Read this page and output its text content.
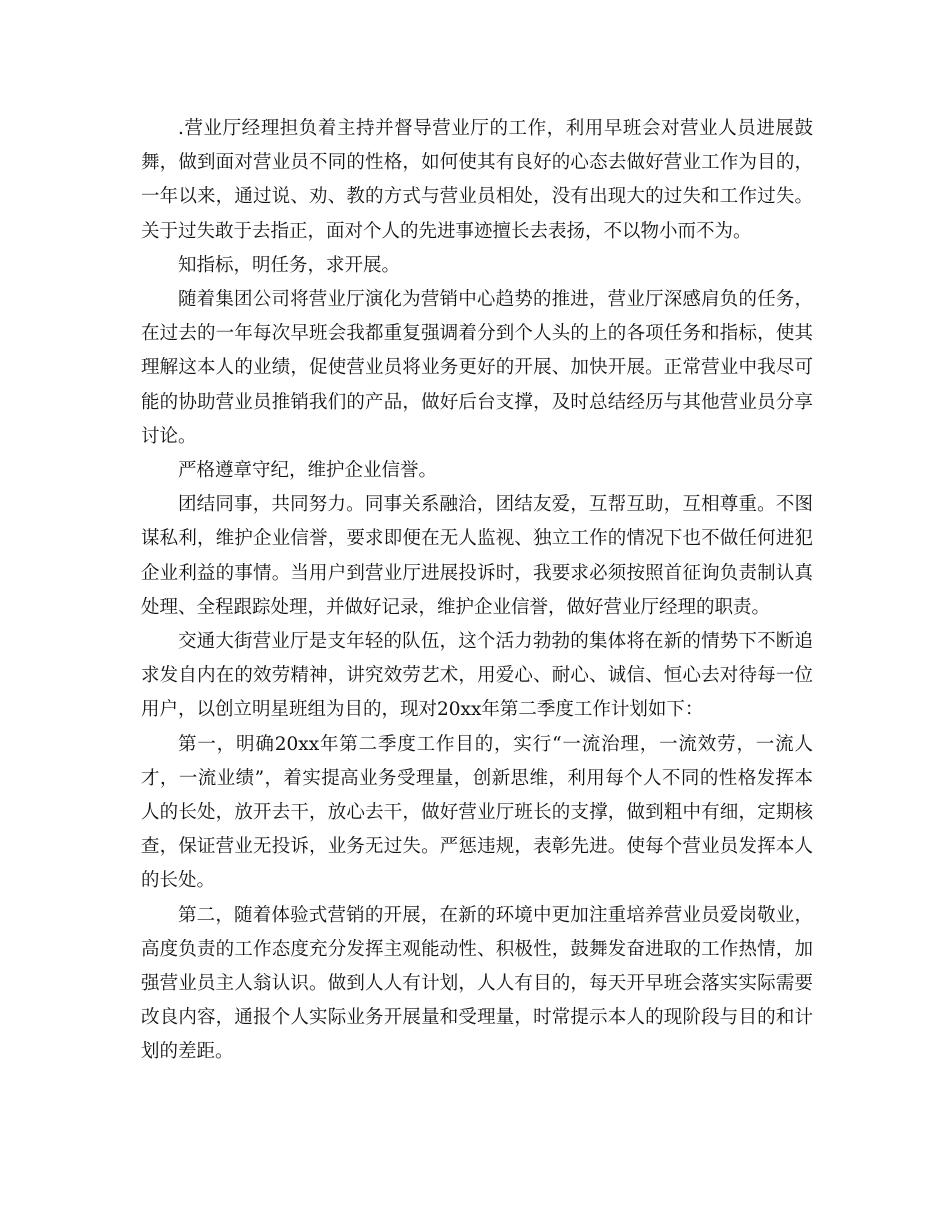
.营业厅经理担负着主持并督导营业厅的工作，利用早班会对营业人员进展鼓舞，做到面对营业员不同的性格，如何使其有良好的心态去做好营业工作为目的，一年以来，通过说、劝、教的方式与营业员相处，没有出现大的过失和工作过失。关于过失敢于去指正，面对个人的先进事迹擅长去表扬，不以物小而不为。

知指标，明任务，求开展。

随着集团公司将营业厅演化为营销中心趋势的推进，营业厅深感肩负的任务，在过去的一年每次早班会我都重复强调着分到个人头的上的各项任务和指标，使其理解这本人的业绩，促使营业员将业务更好的开展、加快开展。正常营业中我尽可能的协助营业员推销我们的产品，做好后台支撑，及时总结经历与其他营业员分享讨论。

严格遵章守纪，维护企业信誉。

团结同事，共同努力。同事关系融洽，团结友爱，互帮互助，互相尊重。不图谋私利，维护企业信誉，要求即便在无人监视、独立工作的情况下也不做任何进犯企业利益的事情。当用户到营业厅进展投诉时，我要求必须按照首征询负责制认真处理、全程跟踪处理，并做好记录，维护企业信誉，做好营业厅经理的职责。

交通大街营业厅是支年轻的队伍，这个活力勃勃的集体将在新的情势下不断追求发自内在的效劳精神，讲究效劳艺术，用爱心、耐心、诚信、恒心去对待每一位用户，以创立明星班组为目的，现对20xx年第二季度工作计划如下：

第一，明确20xx年第二季度工作目的，实行“一流治理，一流效劳，一流人才，一流业绩”，着实提高业务受理量，创新思维，利用每个人不同的性格发挥本人的长处，放开去干，放心去干，做好营业厅班长的支撑，做到粗中有细，定期核查，保证营业无投诉，业务无过失。严惩违规，表彰先进。使每个营业员发挥本人的长处。

第二，随着体验式营销的开展，在新的环境中更加注重培养营业员爱岗敬业，高度负责的工作态度充分发挥主观能动性、积极性，鼓舞发奋进取的工作热情，加强营业员主人翁认识。做到人人有计划，人人有目的，每天开早班会落实实际需要改良内容，通报个人实际业务开展量和受理量，时常提示本人的现阶段与目的和计划的差距。
